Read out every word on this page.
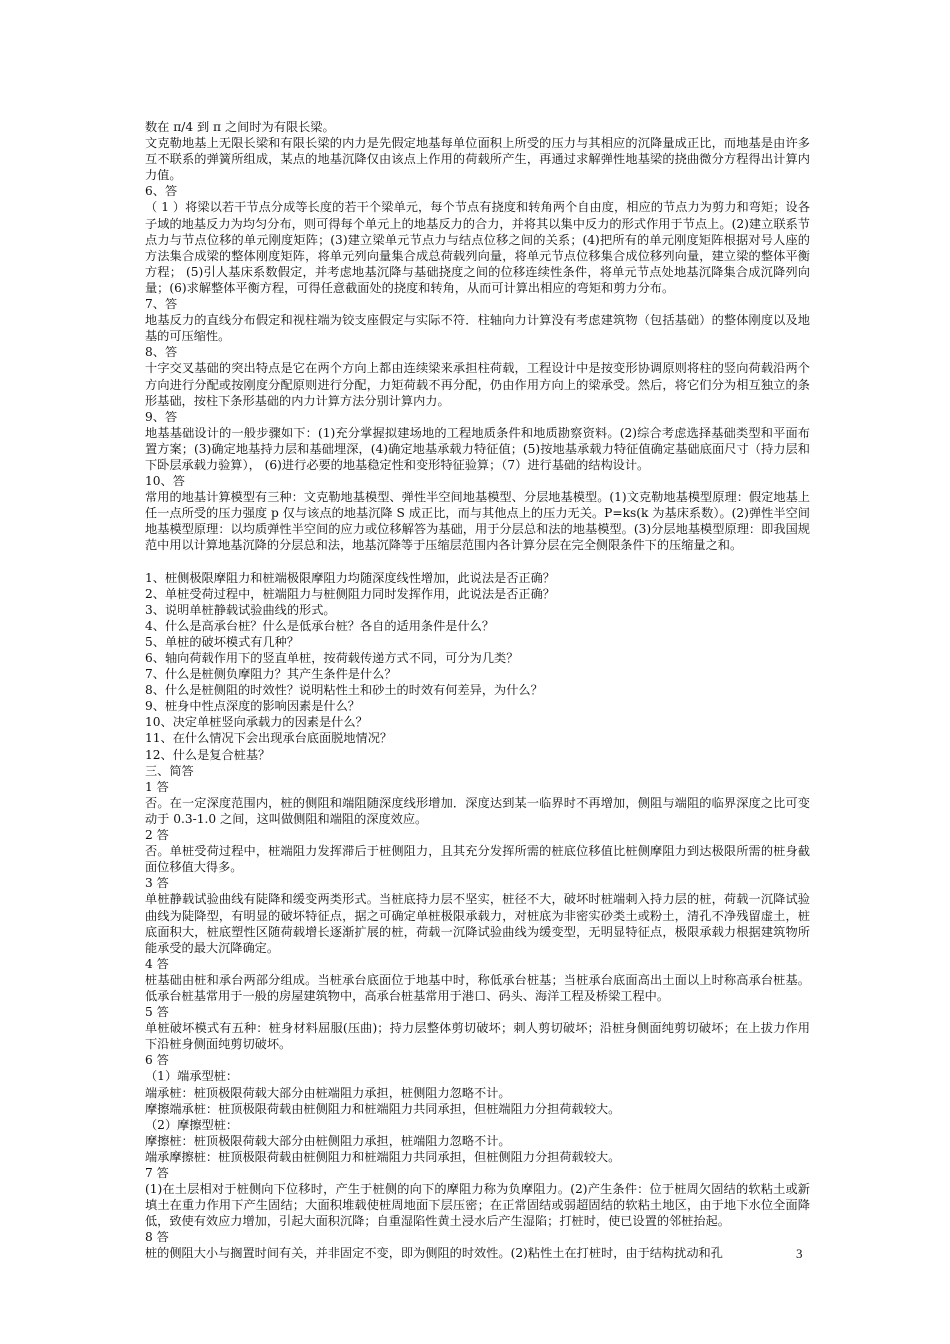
数在 π/4 到 π 之间时为有限长梁。
文克勒地基上无限长梁和有限长梁的内力是先假定地基每单位面积上所受的压力与其相应的沉降量成正比，而地基是由许多互不联系的弹簧所组成，某点的地基沉降仅由该点上作用的荷载所产生，再通过求解弹性地基梁的挠曲微分方程得出计算内力值。
6、答
（ 1 ）将梁以若干节点分成等长度的若干个梁单元，每个节点有挠度和转角两个自由度，相应的节点力为剪力和弯矩；设各子域的地基反力为均匀分布，则可得每个单元上的地基反力的合力，并将其以集中反力的形式作用于节点上。(2)建立联系节点力与节点位移的单元刚度矩阵；(3)建立梁单元节点力与结点位移之间的关系；(4)把所有的单元刚度矩阵根据对号人座的方法集合成梁的整体刚度矩阵，将单元列向量集合成总荷载列向量，将单元节点位移集合成位移列向量，建立梁的整体平衡方程； (5)引人基床系数假定，并考虑地基沉降与基础挠度之间的位移连续性条件，将单元节点处地基沉降集合成沉降列向量；(6)求解整体平衡方程，可得任意截面处的挠度和转角，从而可计算出相应的弯矩和剪力分布。
7、答
地基反力的直线分布假定和视柱端为铰支座假定与实际不符．柱轴向力计算没有考虑建筑物（包括基础）的整体刚度以及地基的可压缩性。
8、答
十字交叉基础的突出特点是它在两个方向上都由连续梁来承担柱荷载，工程设计中是按变形协调原则将柱的竖向荷载沿两个方向进行分配或按刚度分配原则进行分配，力矩荷载不再分配，仍由作用方向上的梁承受。然后，将它们分为相互独立的条形基础，按柱下条形基础的内力计算方法分别计算内力。
9、答
地基基础设计的一般步骤如下：(1)充分掌握拟建场地的工程地质条件和地质勘察资料。(2)综合考虑选择基础类型和平面布置方案；(3)确定地基持力层和基础埋深，(4)确定地基承载力特征值；(5)按地基承载力特征值确定基础底面尺寸（持力层和下卧层承载力验算）， (6)进行必要的地基稳定性和变形特征验算；（7）进行基础的结构设计。
10、答
常用的地基计算模型有三种：文克勒地基模型、弹性半空间地基模型、分层地基模型。(1)文克勒地基模型原理：假定地基上任一点所受的压力强度 p 仅与该点的地基沉降 S 成正比，而与其他点上的压力无关。P=ks(k 为基床系数）。(2)弹性半空间地基模型原理：以均质弹性半空间的应力或位移解答为基础，用于分层总和法的地基模型。(3)分层地基模型原理：即我国规范中用以计算地基沉降的分层总和法，地基沉降等于压缩层范围内各计算分层在完全侧限条件下的压缩量之和。
1、桩侧极限摩阻力和桩端极限摩阻力均随深度线性增加，此说法是否正确？
2、单桩受荷过程中，桩端阻力与桩侧阻力同时发挥作用，此说法是否正确？
3、说明单桩静载试验曲线的形式。
4、什么是高承台桩？什么是低承台桩？各自的适用条件是什么？
5、单桩的破坏模式有几种？
6、轴向荷载作用下的竖直单桩，按荷载传递方式不同，可分为几类？
7、什么是桩侧负摩阻力？其产生条件是什么？
8、什么是桩侧阻的时效性？说明粘性土和砂土的时效有何差异，为什么？
9、桩身中性点深度的影响因素是什么？
10、决定单桩竖向承载力的因素是什么？
11、在什么情况下会出现承台底面脱地情况？
12、什么是复合桩基？
三、简答
1 答
否。在一定深度范围内，桩的侧阻和端阻随深度线形增加．深度达到某一临界时不再增加，侧阻与端阻的临界深度之比可变动于 0.3-1.0 之间，这叫做侧阻和端阻的深度效应。
2 答
否。单桩受荷过程中，桩端阻力发挥滞后于桩侧阻力，且其充分发挥所需的桩底位移值比桩侧摩阻力到达极限所需的桩身截面位移值大得多。
3 答
单桩静载试验曲线有陡降和缓变两类形式。当桩底持力层不坚实，桩径不大，破坏时桩端刺入持力层的桩，荷载一沉降试验曲线为陡降型，有明显的破坏特征点，据之可确定单桩极限承载力，对桩底为非密实砂类土或粉土，清孔不净残留虚土，桩底面积大，桩底塑性区随荷载增长逐渐扩展的桩，荷载一沉降试验曲线为缓变型，无明显特征点，极限承载力根据建筑物所能承受的最大沉降确定。
4 答
桩基础由桩和承台两部分组成。当桩承台底面位于地基中时，称低承台桩基；当桩承台底面高出土面以上时称高承台桩基。低承台桩基常用于一般的房屋建筑物中，高承台桩基常用于港口、码头、海洋工程及桥梁工程中。
5 答
单桩破坏模式有五种：桩身材料屈服(压曲)；持力层整体剪切破坏；刺人剪切破坏；沿桩身侧面纯剪切破坏；在上拔力作用下沿桩身侧面纯剪切破坏。
6 答
（1）端承型桩：
端承桩：桩顶极限荷载大部分由桩端阻力承担，桩侧阻力忽略不计。
摩擦端承桩：桩顶极限荷载由桩侧阻力和桩端阻力共同承担，但桩端阻力分担荷载较大。
（2）摩擦型桩：
摩擦桩：桩顶极限荷载大部分由桩侧阻力承担，桩端阻力忽略不计。
端承摩擦桩：桩顶极限荷载由桩侧阻力和桩端阻力共同承担，但桩侧阻力分担荷载较大。
7 答
(1)在土层相对于桩侧向下位移时，产生于桩侧的向下的摩阻力称为负摩阻力。(2)产生条件：位于桩周欠固结的软粘土或新填土在重力作用下产生固结；大面积堆载使桩周地面下层压密；在正常固结或弱超固结的软粘土地区，由于地下水位全面降低，致使有效应力增加，引起大面积沉降；自重湿陷性黄土浸水后产生湿陷；打桩时，使已设置的邻桩抬起。
8 答
桩的侧阻大小与搁置时间有关，并非固定不变，即为侧阻的时效性。(2)粘性土在打桩时，由于结构扰动和孔	3
